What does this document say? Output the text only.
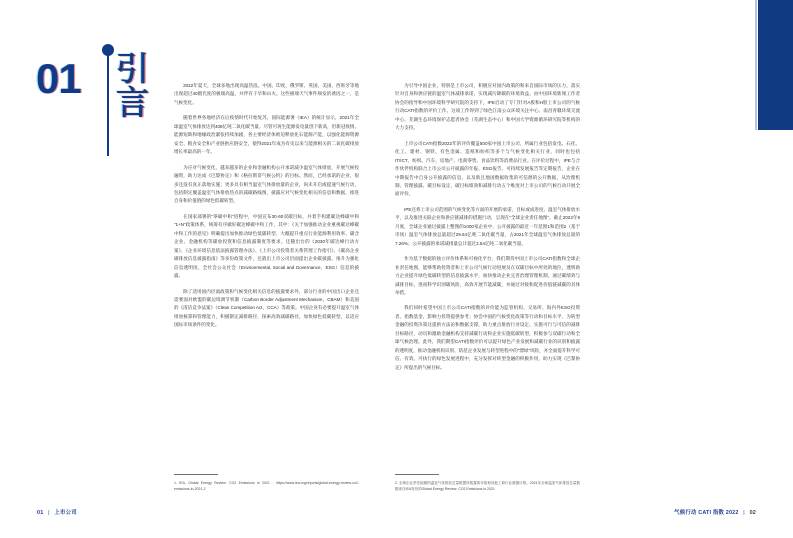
01 引
言	2022年夏天，全球多地出现高温热浪。中国、印度、俄罗斯、英国、美国、西班牙等地出现超过40摄氏度的极端高温，并伴有干旱和山火。这些极端天气事件频发的诱因之一，是气候变化。

随着世界各地经济在后疫情时代开始复苏，国际能源署（IEA）的统计显示，2021年全球温室气体排放达到408亿吨二氧化碳当量。尽管可再生能源发电量创下新高，但新冠疫情、能源短缺和地缘政治紧张持续加剧，各主要经济体被迫释放化石能源产能，以强化能源资源安全、粮食安全和产业链供应链安全，使得2021年成为有史以来与能源相关的二氧化碳排放增长率最高的一年。

为应对气候变化，越来越多的企业和金融机构公开承诺减少温室气体排放，开展气候投融资，助力达成《巴黎协定》和《格拉斯哥气候公约》的目标。然而，已经承诺的企业，很多还没有真正落地实施；更多具有相当温室气体排放量的企业，尚未开启或提速气候行动，包括制定覆盖温室气体排放热点的减碳路线图，披露应对气候变化相关的信息和数据，推进自身和价值链的绿色低碳转型。

在国家部署的“零碳中和”进程中，中国宣布30·60双碳目标，并着手构建碳达峰碳中和“1+N”政策体系，统筹有序做好碳达峰碳中和工作，其中：《关于加强推动企业重视碳达峰碳中和工作的意见》明确提出加快推动绿色低碳转型，大幅提升重点行业能源利用效率、碳含企业、金融机构等碳放投资和信息披露制度等要求。还随出台的《2030年碳达峰行动方案》、《企业环境信息依法披露管理办法》、《上市公司投资者关系管理工作指引》、《碳高企业碳排放信息披露指南》等多份政策文件，还就出上市公司层面提出企业碳披露，推升为强化信息透明度、全社会公众社会（Environmental, Social and Governance，ESG）信息的披露。

除了适用国内层面政策和气候变化相关信息的披露要求外，部分行业的中国出口企业还需要面对欧盟的碳边境调节机制（Carbon Border Adjustment Mechanism，CBAM）和美国的《清洁竞争法案》（Clean Competition Act，CCA）等政策。中国企业有必要提升温室气体排放核算和管理能力，积极制定减排路径，探索高效减碳路径，加快绿色低碳转型，以适应国际市场条件的变化。

为引导中国企业，特别是上市公司，积极应对国内政策的和来自国际市场的压力，落实针对自身和供应链的温室气体减排承诺，实现减污降碳的环境效益。由中国环境新闻工作者协会的指导和中国环境科学研究院的支持下，IPE启动了专门针对A股和H股上市公司的气候行动CATI指数的评价工作。这项工作得到了绿色江南公众环境关注中心、南昌青赣环境交流中心、芜湖生态环境保护志愿者协会（芜湖生态中心）和中国大学资源循环研究院等机构的大力支持。

上市公司CATI指数2022年的评价覆盖500家中国上市公司，所属行业包括发电、石化、化工、建材、钢铁、有色金属、造纸和纺织等多个与气候变化相关行业，同时也包括IT/ICT、纺织、汽车、房地产、电商零售、食品饮料等消费品行业。在评价过程中，IPE与合作伙伴机构联合上市公司公开披露的年报、ESG报告、可持续发展报告等定期报告，企业在中期报告中自身公开披露的信息，以及新且地国数据收集的可信源的公开数据，从治理机制、管理披露、碳目标设定、碳目标绩效和减排行动五个维度对上市公司的气候行动开展全面评价。

IPE还将上市公司范围的气候变化等方面的开展的承诺，目标或成进度、温室气体排放水平，以及推进关联企业和供应链减排的措施行动，呈现在“全球企业责任地图”。截止2022年9月底，全球企业通过披露上整图的1000家企业中，公开披露的最近一年范围1和范围2（基于市场）温室气体排放总量超过29.64亿吨二氧化碳当量，占2021年全球温室气体排放总量的7.26%；公开披露的承诺减排量总计超过2.54亿吨二氧化碳当量。

作为基于数据的独立评价体系和可视化平台，我们期待中国上市公司CATI指数和全球企业责任地图，能够帮助投资者和上市公司气候行动进展及在双碳目标中所处的地位，透明助力企业提升绿色低碳转型的信息披露水平，加快推动企业完善治理管理机制，通过碳绩效与减排目标，进而科学识别碳风险，高效开展节能减碳，并通过对接和促进价值链减碳的具体举措。

我们同时希望中国上市公司CATI指数的评价能为监管机构、交易所、海内外ESG投资者、指数基金、影响力投资提供参考；协会中国的气候变化政策等行动和目标水平，为转型金融的投资决策这提供方法论和数据支撑，助力重点排放行业设定、实施可行与可信的减排目标路径，动员和激励金融机构支持减碳行动和企业实施低碳转型，积极参与双碳行动和全球气候治理。此外，我们期望CATI指数评价可以提升绿色产业发展和减碳行业的识别和披露的透明度，推动金融机构识别、防范企业发展与转型进程中的“漂绿”风险，并全面提升科学可信、有效、可执行的绿色发展进程中，充分发挥对转型金融的积极作用，助力实现《巴黎协定》所提出的气候目标。

1. IEA, Global Energy Review: CO2 Emissions in 2021：https://www.iea.org/reports/global-energy-review-co2-emissions-in-2021-2
2. 全球企业责任地图的温室气体排放总量根据所披露的年报和其他工商行业数据计算。2021年全球温室气体排放总量数据来自IEA发布的Global Energy Review: CO2 Emissions in 2021
01 | 上市公司	气候行动 CATI 指数 2022 | 02
